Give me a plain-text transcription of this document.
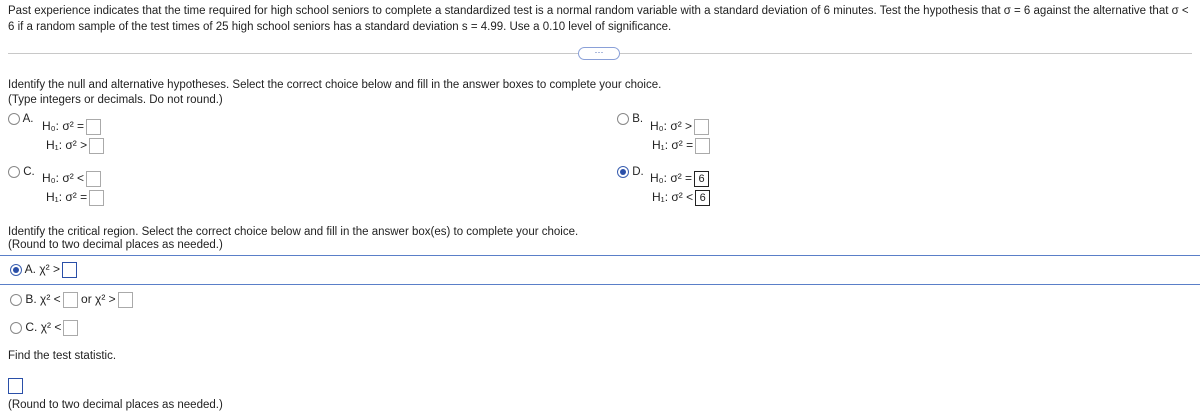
Past experience indicates that the time required for high school seniors to complete a standardized test is a normal random variable with a standard deviation of 6 minutes. Test the hypothesis that σ = 6 against the alternative that σ < 6 if a random sample of the test times of 25 high school seniors has a standard deviation s = 4.99. Use a 0.10 level of significance.
···
Identify the null and alternative hypotheses. Select the correct choice below and fill in the answer boxes to complete your choice.
(Type integers or decimals. Do not round.)
A. H₀: σ² =
H₁: σ² >
C. H₀: σ² <
H₁: σ² =
B. H₀: σ² >
H₁: σ² =
D. H₀: σ² = 6
H₁: σ² < 6
Identify the critical region. Select the correct choice below and fill in the answer box(es) to complete your choice.
(Round to two decimal places as needed.)
A. χ² >
B. χ² < or χ² >
C. χ² <
Find the test statistic.
(Round to two decimal places as needed.)
